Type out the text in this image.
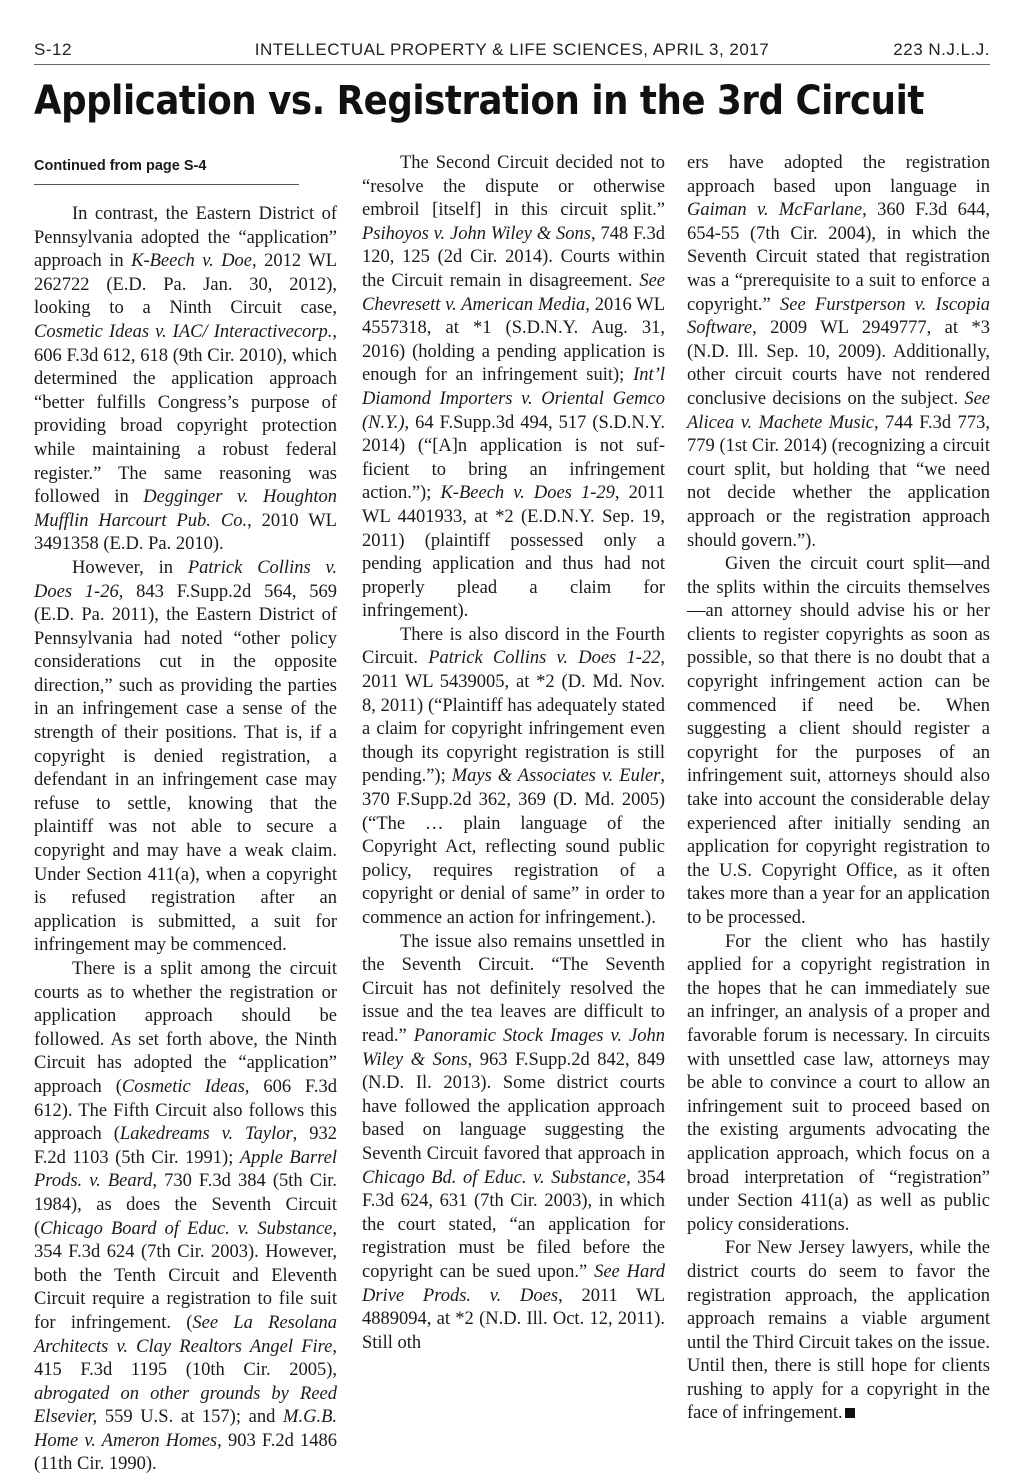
S-12	INTELLECTUAL PROPERTY & LIFE SCIENCES, APRIL 3, 2017	223 N.J.L.J.
Application vs. Registration in the 3rd Circuit
Continued from page S-4

In contrast, the Eastern District of Pennsylvania adopted the “application” approach in K-Beech v. Doe, 2012 WL 262722 (E.D. Pa. Jan. 30, 2012), looking to a Ninth Circuit case, Cosmetic Ideas v. IAC/ Interactivecorp., 606 F.3d 612, 618 (9th Cir. 2010), which determined the application approach “better fulfills Congress’s purpose of providing broad copyright protection while maintaining a robust federal register.” The same reasoning was followed in Degginger v. Houghton Mufflin Harcourt Pub. Co., 2010 WL 3491358 (E.D. Pa. 2010).

However, in Patrick Collins v. Does 1-26, 843 F.Supp.2d 564, 569 (E.D. Pa. 2011), the Eastern District of Pennsylvania had noted “other policy considerations cut in the opposite direction,” such as providing the parties in an infringement case a sense of the strength of their positions. That is, if a copyright is denied registration, a defendant in an infringement case may refuse to settle, knowing that the plaintiff was not able to secure a copyright and may have a weak claim. Under Section 411(a), when a copyright is refused registration after an application is submitted, a suit for infringement may be commenced.

There is a split among the circuit courts as to whether the registration or application approach should be followed. As set forth above, the Ninth Circuit has adopted the “application” approach (Cosmetic Ideas, 606 F.3d 612). The Fifth Circuit also follows this approach (Lakedreams v. Taylor, 932 F.2d 1103 (5th Cir. 1991); Apple Barrel Prods. v. Beard, 730 F.3d 384 (5th Cir. 1984), as does the Seventh Circuit (Chicago Board of Educ. v. Substance, 354 F.3d 624 (7th Cir. 2003). However, both the Tenth Circuit and Eleventh Circuit require a registration to file suit for infringement. (See La Resolana Architects v. Clay Realtors Angel Fire, 415 F.3d 1195 (10th Cir. 2005), abrogated on other grounds by Reed Elsevier, 559 U.S. at 157); and M.G.B. Home v. Ameron Homes, 903 F.2d 1486 (11th Cir. 1990).

The Second Circuit decided not to “resolve the dispute or otherwise embroil [itself] in this circuit split.” Psihoyos v. John Wiley & Sons, 748 F.3d 120, 125 (2d Cir. 2014). Courts within the Circuit remain in disagreement. See Chevresett v. American Media, 2016 WL 4557318, at *1 (S.D.N.Y. Aug. 31, 2016) (holding a pending application is enough for an infringement suit); Int’l Diamond Importers v. Oriental Gemco (N.Y.), 64 F.Supp.3d 494, 517 (S.D.N.Y. 2014) (“[A]n application is not sufficient to bring an infringement action.”); K-Beech v. Does 1-29, 2011 WL 4401933, at *2 (E.D.N.Y. Sep. 19, 2011) (plaintiff possessed only a pending application and thus had not properly plead a claim for infringement).

There is also discord in the Fourth Circuit. Patrick Collins v. Does 1-22, 2011 WL 5439005, at *2 (D. Md. Nov. 8, 2011) (“Plaintiff has adequately stated a claim for copyright infringement even though its copyright registration is still pending.”); Mays & Associates v. Euler, 370 F.Supp.2d 362, 369 (D. Md. 2005) (“The … plain language of the Copyright Act, reflecting sound public policy, requires registration of a copyright or denial of same” in order to commence an action for infringement.).

The issue also remains unsettled in the Seventh Circuit. “The Seventh Circuit has not definitely resolved the issue and the tea leaves are difficult to read.” Panoramic Stock Images v. John Wiley & Sons, 963 F.Supp.2d 842, 849 (N.D. Il. 2013). Some district courts have followed the application approach based on language suggesting the Seventh Circuit favored that approach in Chicago Bd. of Educ. v. Substance, 354 F.3d 624, 631 (7th Cir. 2003), in which the court stated, “an application for registration must be filed before the copyright can be sued upon.” See Hard Drive Prods. v. Does, 2011 WL 4889094, at *2 (N.D. Ill. Oct. 12, 2011). Still oth

ers have adopted the registration approach based upon language in Gaiman v. McFarlane, 360 F.3d 644, 654-55 (7th Cir. 2004), in which the Seventh Circuit stated that registration was a “prerequisite to a suit to enforce a copyright.” See Furstperson v. Iscopia Software, 2009 WL 2949777, at *3 (N.D. Ill. Sep. 10, 2009). Additionally, other circuit courts have not rendered conclusive decisions on the subject. See Alicea v. Machete Music, 744 F.3d 773, 779 (1st Cir. 2014) (recognizing a circuit court split, but holding that “we need not decide whether the application approach or the registration approach should govern.”).

Given the circuit court split—and the splits within the circuits themselves—an attorney should advise his or her clients to register copyrights as soon as possible, so that there is no doubt that a copyright infringement action can be commenced if need be. When suggesting a client should register a copyright for the purposes of an infringement suit, attorneys should also take into account the considerable delay experienced after initially sending an application for copyright registration to the U.S. Copyright Office, as it often takes more than a year for an application to be processed.

For the client who has hastily applied for a copyright registration in the hopes that he can immediately sue an infringer, an analysis of a proper and favorable forum is necessary. In circuits with unsettled case law, attorneys may be able to convince a court to allow an infringement suit to proceed based on the existing arguments advocating the application approach, which focus on a broad interpretation of “registration” under Section 411(a) as well as public policy considerations.

For New Jersey lawyers, while the district courts do seem to favor the registration approach, the application approach remains a viable argument until the Third Circuit takes on the issue. Until then, there is still hope for clients rushing to apply for a copyright in the face of infringement.
